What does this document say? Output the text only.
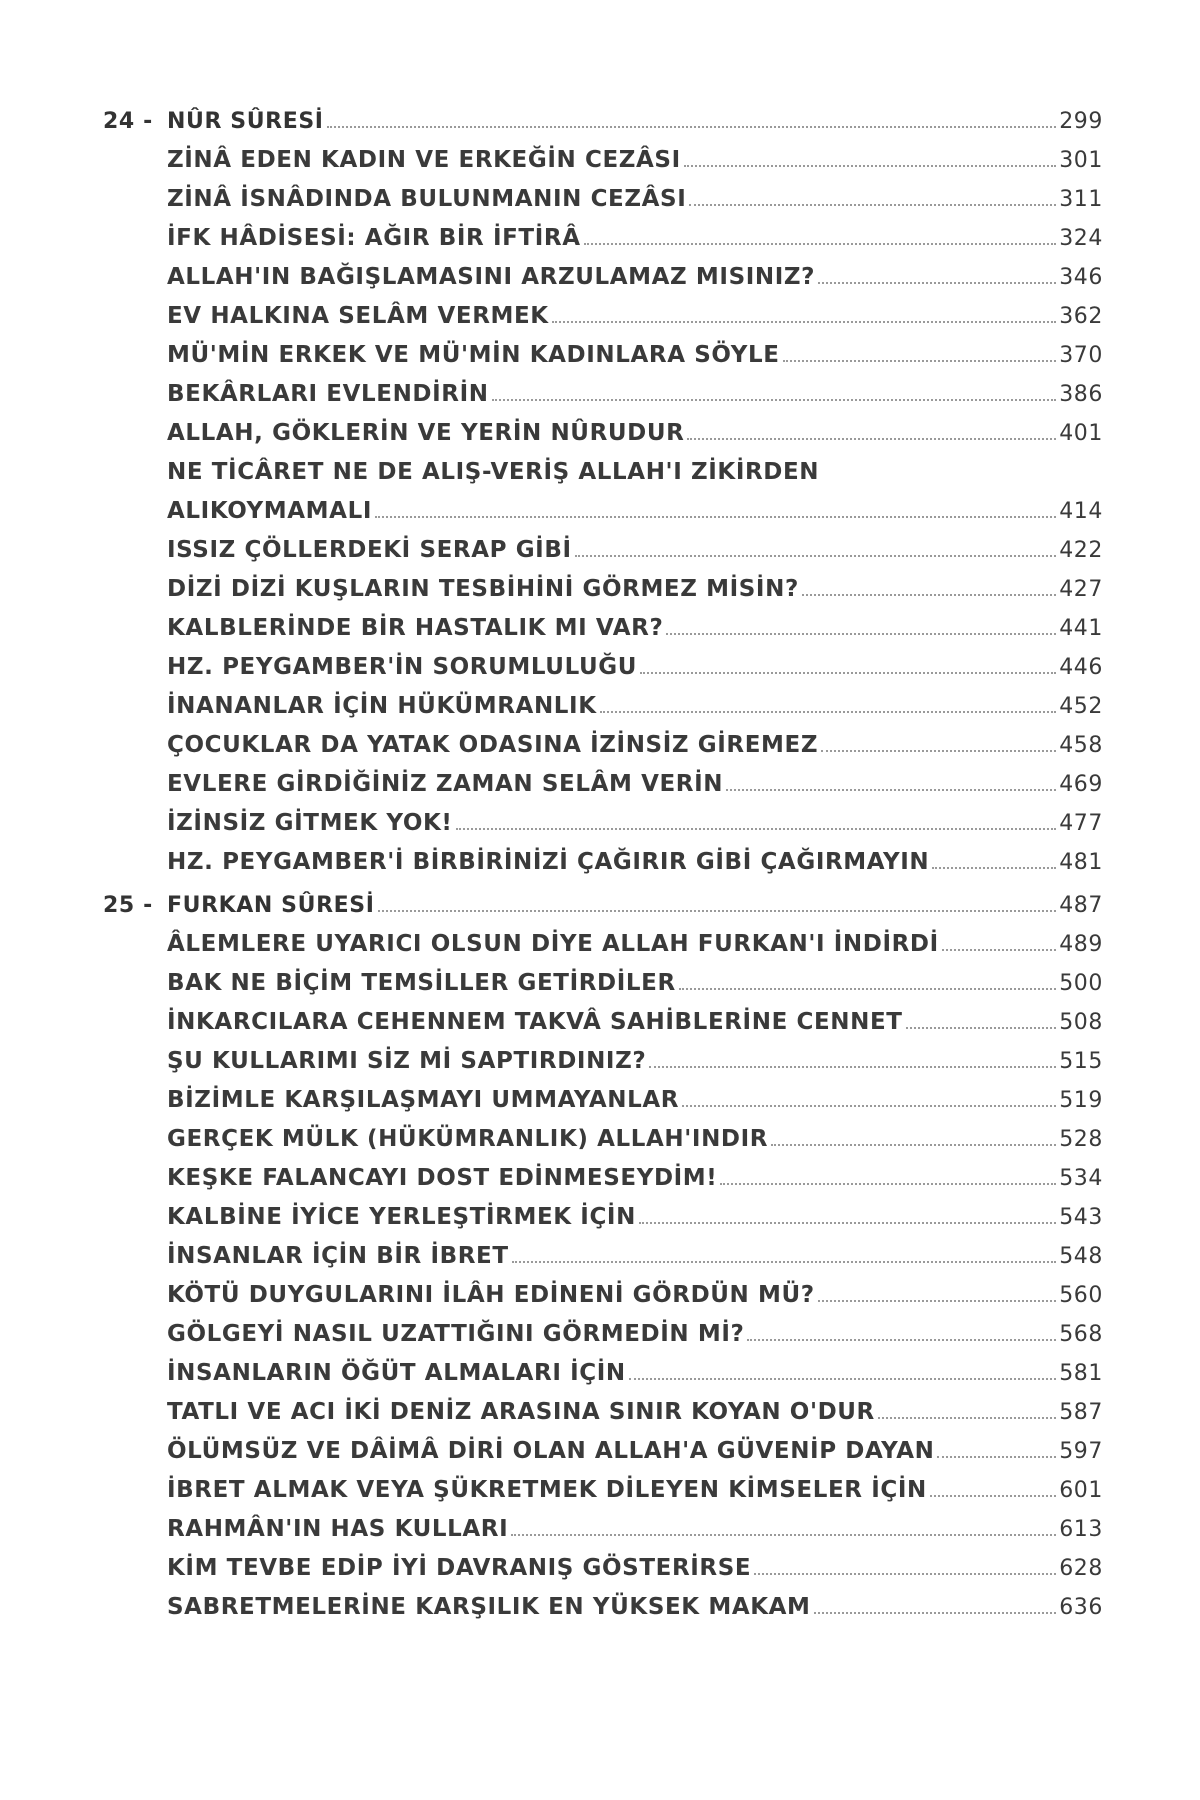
24 - NÛR SÛRESİ	299
ZİNÂ EDEN KADIN VE ERKEĞİN CEZÂSI	301
ZİNÂ İSNÂDINDA BULUNMANIN CEZÂSI	311
İFK HÂDİSESİ: AĞIR BİR İFTİRÂ	324
ALLAH'IN BAĞIŞLAMASINI ARZULAMAZ MISINIZ?	346
EV HALKINA SELÂM VERMEK	362
MÜ'MİN ERKEK VE MÜ'MİN KADINLARA SÖYLE	370
BEKÂRLARI EVLENDİRİN	386
ALLAH, GÖKLERİN VE YERİN NÛRUDUR	401
NE TİCÂRET NE DE ALIŞ-VERİŞ ALLAH'I ZİKİRDEN
ALIKOYMAMALI	414
ISSIZ ÇÖLLERDEKİ SERAP GİBİ	422
DİZİ DİZİ KUŞLARIN TESBİHİNİ GÖRMEZ MİSİN?	427
KALBLERİNDE BİR HASTALIK MI VAR?	441
HZ. PEYGAMBER'İN SORUMLULUĞU	446
İNANANLAR İÇİN HÜKÜMRANLIK	452
ÇOCUKLAR DA YATAK ODASINA İZİNSİZ GİREMEZ	458
EVLERE GİRDİĞİNİZ ZAMAN SELÂM VERİN	469
İZİNSİZ GİTMEK YOK!	477
HZ. PEYGAMBER'İ BİRBİRİNİZİ ÇAĞIRIR GİBİ ÇAĞIRMAYIN	481
25 - FURKAN SÛRESİ	487
ÂLEMLERE UYARICI OLSUN DİYE ALLAH FURKAN'I İNDİRDİ	489
BAK NE BİÇİM TEMSİLLER GETİRDİLER	500
İNKARCILARA CEHENNEM TAKVÂ SAHİBLERİNE CENNET	508
ŞU KULLARIMI SİZ Mİ SAPTIRDINIZ?	515
BİZİMLE KARŞILAŞMAYI UMMAYANLAR	519
GERÇEK MÜLK (HÜKÜMRANLIK) ALLAH'INDIR	528
KEŞKE FALANCAYI DOST EDİNMESEYDİM!	534
KALBİNE İYİCE YERLEŞTİRMEK İÇİN	543
İNSANLAR İÇİN BİR İBRET	548
KÖTÜ DUYGULARINI İLÂH EDİNENİ GÖRDÜN MÜ?	560
GÖLGEYİ NASIL UZATTIĞINI GÖRMEDİN Mİ?	568
İNSANLARIN ÖĞÜT ALMALARI İÇİN	581
TATLI VE ACI İKİ DENİZ ARASINA SINIR KOYAN O'DUR	587
ÖLÜMSÜZ VE DÂİMÂ DİRİ OLAN ALLAH'A GÜVENİP DAYAN	597
İBRET ALMAK VEYA ŞÜKRETMEK DİLEYEN KİMSELER İÇİN	601
RAHMÂN'IN HAS KULLARI	613
KİM TEVBE EDİP İYİ DAVRANIŞ GÖSTERİRSE	628
SABRETMELERİNE KARŞILIK EN YÜKSEK MAKAM	636
